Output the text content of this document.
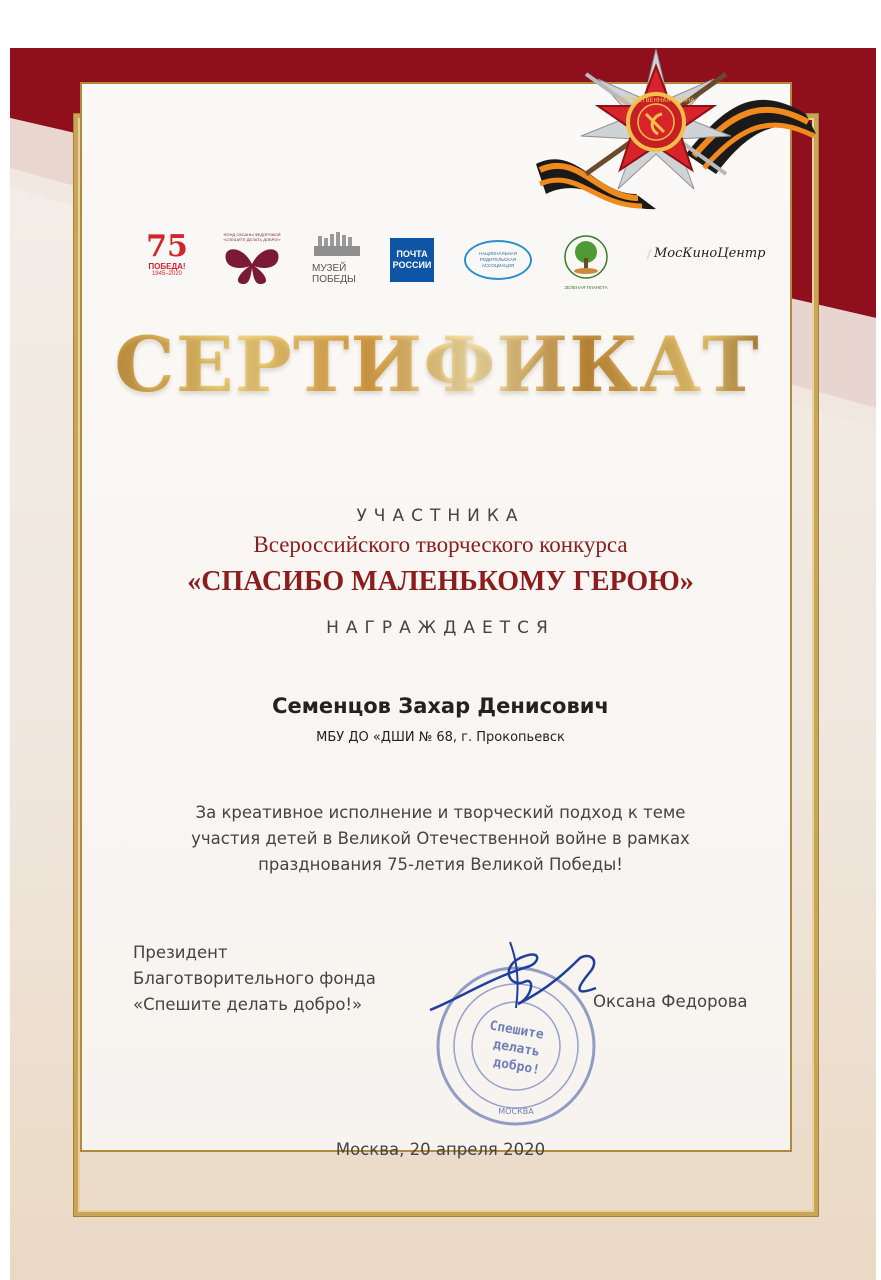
ОТЕЧЕСТВЕННАЯ ВОЙНА
75
ПОБЕДА!
1945–2020
ФОНД ОКСАНЫ ФЕДОРОВОЙ «СПЕШИТЕ ДЕЛАТЬ ДОБРО!»
МУЗЕЙ
ПОБЕДЫ
ПОЧТА
РОССИИ
НАЦИОНАЛЬНАЯ РОДИТЕЛЬСКАЯ АССОЦИАЦИЯ
ЗЕЛЕНАЯ ПЛАНЕТА
МосКиноЦентр
СЕРТИФИКАТ
УЧАСТНИКА
Всероссийского творческого конкурса
«СПАСИБО МАЛЕНЬКОМУ ГЕРОЮ»
НАГРАЖДАЕТСЯ
Семенцов Захар Денисович
МБУ ДО «ДШИ № 68, г. Прокопьевск
За креативное исполнение и творческий подход к теме
участия детей в Великой Отечественной войне в рамках
празднования 75-летия Великой Победы!
Президент
Благотворительного фонда
«Спешите делать добро!»
Спешите
делать
добро!
МОСКВА
Оксана Федорова
Москва, 20 апреля 2020
